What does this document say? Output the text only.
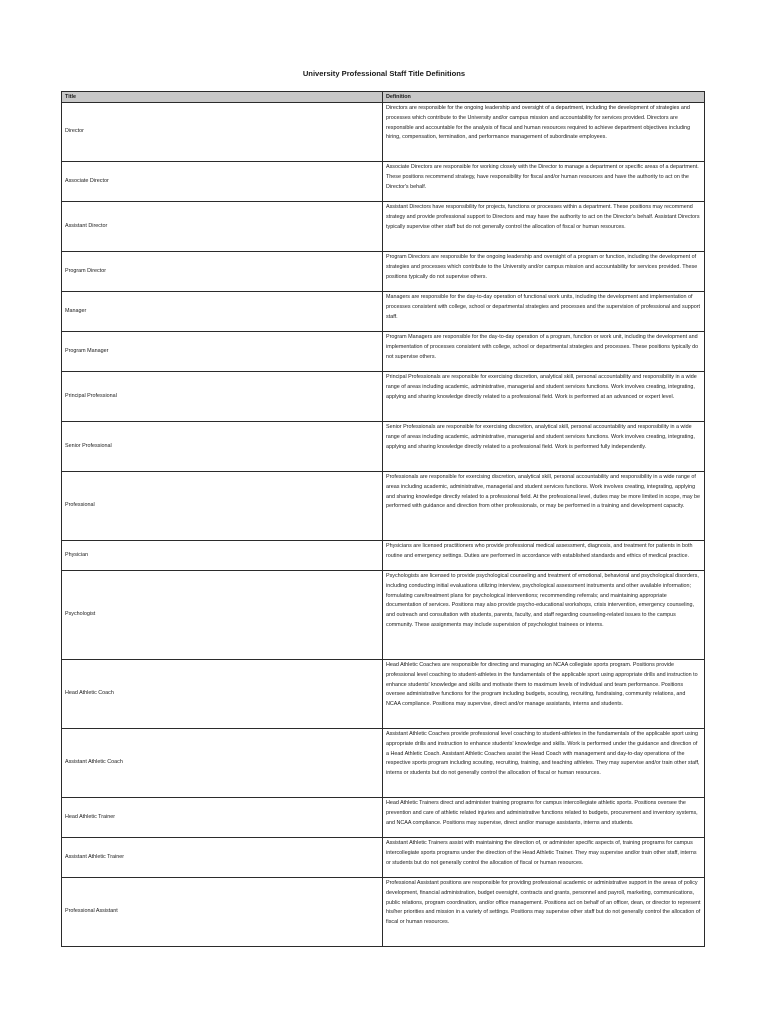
University Professional Staff Title Definitions
Title	Definition
Director	Directors are responsible for the ongoing leadership and oversight of a department, including the development of strategies and processes which contribute to the University and/or campus mission and accountability for services provided. Directors are responsible and accountable for the analysis of fiscal and human resources required to achieve department objectives including hiring, compensation, termination, and performance management of subordinate employees.
Associate Director	Associate Directors are responsible for working closely with the Director to manage a department or specific areas of a department. These positions recommend strategy, have responsibility for fiscal and/or human resources and have the authority to act on the Director's behalf.
Assistant Director	Assistant Directors have responsibility for projects, functions or processes within a department. These positions may recommend strategy and provide professional support to Directors and may have the authority to act on the Director's behalf. Assistant Directors typically supervise other staff but do not generally control the allocation of fiscal or human resources.
Program Director	Program Directors are responsible for the ongoing leadership and oversight of a program or function, including the development of strategies and processes which contribute to the University and/or campus mission and accountability for services provided. These positions typically do not supervise others.
Manager	Managers are responsible for the day-to-day operation of functional work units, including the development and implementation of processes consistent with college, school or departmental strategies and processes and the supervision of professional and support staff.
Program Manager	Program Managers are responsible for the day-to-day operation of a program, function or work unit, including the development and implementation of processes consistent with college, school or departmental strategies and processes. These positions typically do not supervise others.
Principal Professional	Principal Professionals are responsible for exercising discretion, analytical skill, personal accountability and responsibility in a wide range of areas including academic, administrative, managerial and student services functions. Work involves creating, integrating, applying and sharing knowledge directly related to a professional field. Work is performed at an advanced or expert level.
Senior Professional	Senior Professionals are responsible for exercising discretion, analytical skill, personal accountability and responsibility in a wide range of areas including academic, administrative, managerial and student services functions. Work involves creating, integrating, applying and sharing knowledge directly related to a professional field. Work is performed fully independently.
Professional	Professionals are responsible for exercising discretion, analytical skill, personal accountability and responsibility in a wide range of areas including academic, administrative, managerial and student services functions. Work involves creating, integrating, applying and sharing knowledge directly related to a professional field. At the professional level, duties may be more limited in scope, may be performed with guidance and direction from other professionals, or may be performed in a training and development capacity.
Physician	Physicians are licensed practitioners who provide professional medical assessment, diagnosis, and treatment for patients in both routine and emergency settings. Duties are performed in accordance with established standards and ethics of medical practice.
Psychologist	Psychologists are licensed to provide psychological counseling and treatment of emotional, behavioral and psychological disorders, including conducting initial evaluations utilizing interview, psychological assessment instruments and other available information; formulating care/treatment plans for psychological interventions; recommending referrals; and maintaining appropriate documentation of services. Positions may also provide psycho-educational workshops, crisis intervention, emergency counseling, and outreach and consultation with students, parents, faculty, and staff regarding counseling-related issues to the campus community. These assignments may include supervision of psychologist trainees or interns.
Head Athletic Coach	Head Athletic Coaches are responsible for directing and managing an NCAA collegiate sports program. Positions provide professional level coaching to student-athletes in the fundamentals of the applicable sport using appropriate drills and instruction to enhance students' knowledge and skills and motivate them to maximum levels of individual and team performance. Positions oversee administrative functions for the program including budgets, scouting, recruiting, fundraising, community relations, and NCAA compliance. Positions may supervise, direct and/or manage assistants, interns and students.
Assistant Athletic Coach	Assistant Athletic Coaches provide professional level coaching to student-athletes in the fundamentals of the applicable sport using appropriate drills and instruction to enhance students' knowledge and skills. Work is performed under the guidance and direction of a Head Athletic Coach. Assistant Athletic Coaches assist the Head Coach with management and day-to-day operations of the respective sports program including scouting, recruiting, training, and teaching athletes. They may supervise and/or train other staff, interns or students but do not generally control the allocation of fiscal or human resources.
Head Athletic Trainer	Head Athletic Trainers direct and administer training programs for campus intercollegiate athletic sports. Positions oversee the prevention and care of athletic related injuries and administrative functions related to budgets, procurement and inventory systems, and NCAA compliance. Positions may supervise, direct and/or manage assistants, interns and students.
Assistant Athletic Trainer	Assistant Athletic Trainers assist with maintaining the direction of, or administer specific aspects of, training programs for campus intercollegiate sports programs under the direction of the Head Athletic Trainer. They may supervise and/or train other staff, interns or students but do not generally control the allocation of fiscal or human resources.
Professional Assistant	Professional Assistant positions are responsible for providing professional academic or administrative support in the areas of policy development, financial administration, budget oversight, contracts and grants, personnel and payroll, marketing, communications, public relations, program coordination, and/or office management. Positions act on behalf of an officer, dean, or director to represent his/her priorities and mission in a variety of settings. Positions may supervise other staff but do not generally control the allocation of fiscal or human resources.
